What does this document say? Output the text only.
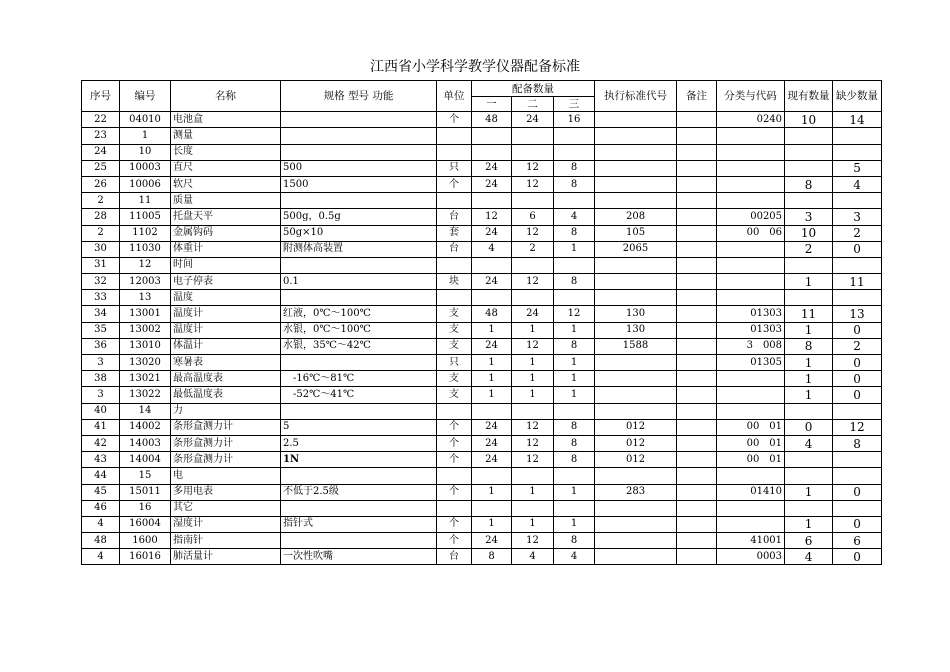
江西省小学科学教学仪器配备标准
序号	编号	名称	规格 型号 功能	单位	配备数量			执行标准代号	备注	分类与代码	现有数量	缺少数量
					一	二	三					
22	04010	电池盒		个	48	24	16			0240	10	14
23	1	测量										
24	10	长度										
25	10003	直尺	500	只	24	12	8					5
26	10006	软尺	1500	个	24	12	8				8	4
2	11	质量										
28	11005	托盘天平	500g，0.5g	台	12	6	4	208		00205	3	3
2	1102	金属钩码	50g×10	套	24	12	8	105		00　06	10	2
30	11030	体重计	附测体高装置	台	4	2	1	2065			2	0
31	12	时间										
32	12003	电子停表	0.1	块	24	12	8				1	11
33	13	温度										
34	13001	温度计	红液，0℃～100℃	支	48	24	12	130		01303	11	13
35	13002	温度计	水银，0℃～100℃	支	1	1	1	130		01303	1	0
36	13010	体温计	水银，35℃～42℃	支	24	12	8	1588		3　008	8	2
3	13020	寒暑表		只	1	1	1			01305	1	0
38	13021	最高温度表	　-16℃～81℃	支	1	1	1				1	0
3	13022	最低温度表	　-52℃～41℃	支	1	1	1				1	0
40	14	力										
41	14002	条形盒测力计	5	个	24	12	8	012		00　01	0	12
42	14003	条形盒测力计	2.5	个	24	12	8	012		00　01	4	8
43	14004	条形盒测力计	1N	个	24	12	8	012		00　01		
44	15	电										
45	15011	多用电表	不低于2.5级	个	1	1	1	283		01410	1	0
46	16	其它										
4	16004	湿度计	指针式	个	1	1	1				1	0
48	1600	指南针		个	24	12	8			41001	6	6
4	16016	肺活量计	一次性吹嘴	台	8	4	4			0003	4	0
